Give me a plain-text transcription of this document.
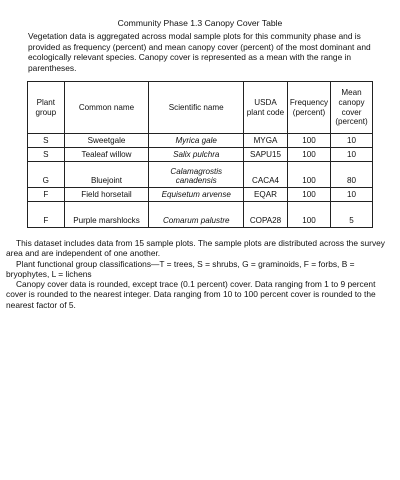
Community Phase 1.3 Canopy Cover Table

Vegetation data is aggregated across modal sample plots for this community phase and is provided as frequency (percent) and mean canopy cover (percent) of the most dominant and ecologically relevant species. Canopy cover is represented as a mean with the range in parentheses.

Plant group	Common name	Scientific name	USDA plant code	Frequency (percent)	Mean canopy cover (percent)
S	Sweetgale	Myrica gale	MYGA	100	10
S	Tealeaf willow	Salix pulchra	SAPU15	100	10
G	Bluejoint	Calamagrostis canadensis	CACA4	100	80
F	Field horsetail	Equisetum arvense	EQAR	100	10
F	Purple marshlocks	Comarum palustre	COPA28	100	5

This dataset includes data from 15 sample plots. The sample plots are distributed across the survey area and are independent of one another.

Plant functional group classifications—T = trees, S = shrubs, G = graminoids, F = forbs, B = bryophytes, L = lichens

Canopy cover data is rounded, except trace (0.1 percent) cover. Data ranging from 1 to 9 percent cover is rounded to the nearest integer. Data ranging from 10 to 100 percent cover is rounded to the nearest factor of 5.
